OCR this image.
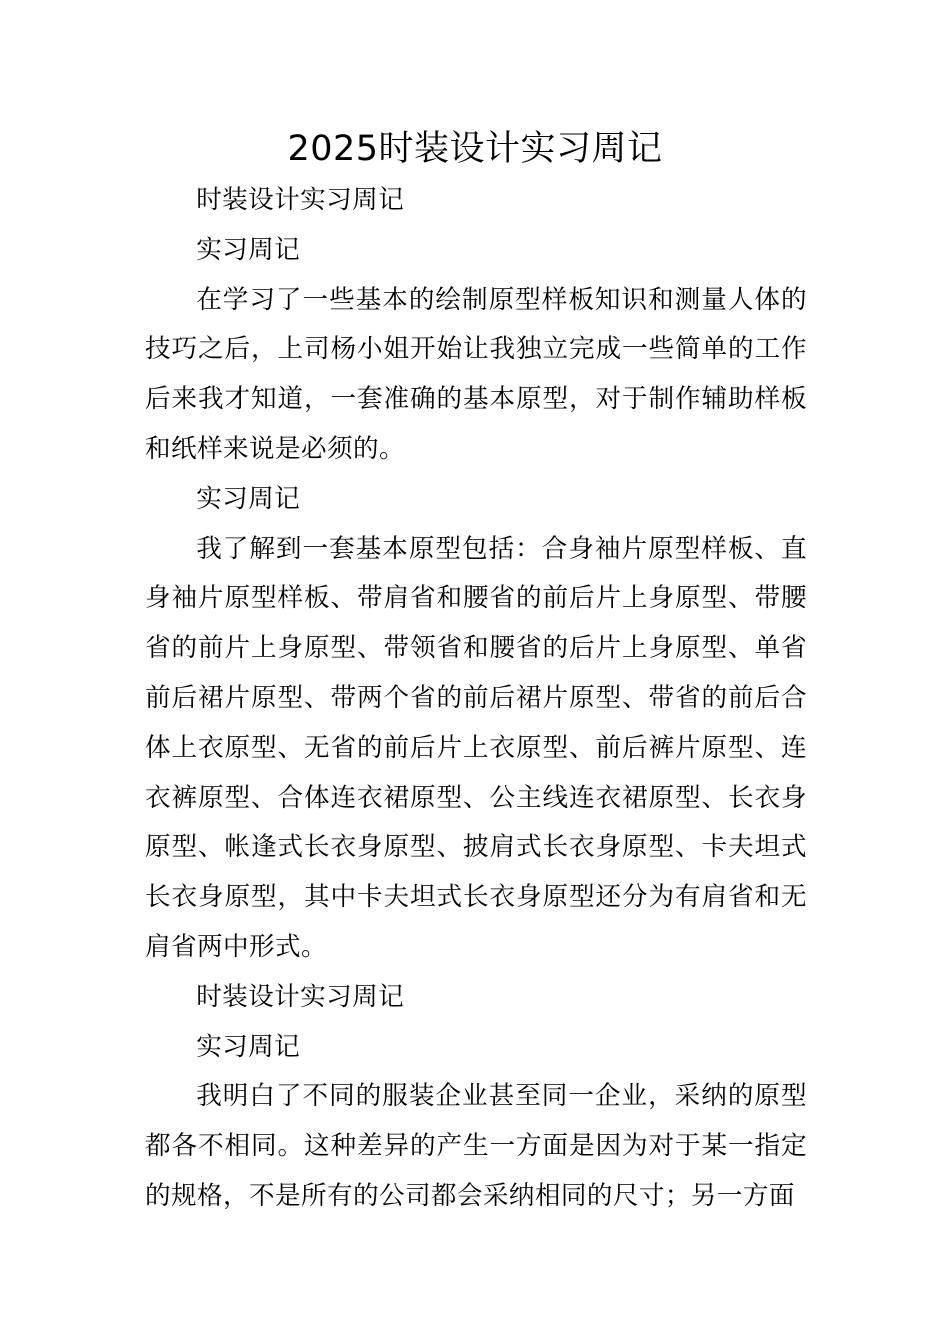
2025时装设计实习周记

时装设计实习周记

实习周记

在学习了一些基本的绘制原型样板知识和测量人体的技巧之后，上司杨小姐开始让我独立完成一些简单的工作后来我才知道，一套准确的基本原型，对于制作辅助样板和纸样来说是必须的。

实习周记

我了解到一套基本原型包括：合身袖片原型样板、直身袖片原型样板、带肩省和腰省的前后片上身原型、带腰省的前片上身原型、带领省和腰省的后片上身原型、单省前后裙片原型、带两个省的前后裙片原型、带省的前后合体上衣原型、无省的前后片上衣原型、前后裤片原型、连衣裤原型、合体连衣裙原型、公主线连衣裙原型、长衣身原型、帐逢式长衣身原型、披肩式长衣身原型、卡夫坦式长衣身原型，其中卡夫坦式长衣身原型还分为有肩省和无肩省两中形式。

时装设计实习周记

实习周记

我明白了不同的服装企业甚至同一企业，采纳的原型都各不相同。这种差异的产生一方面是因为对于某一指定的规格，不是所有的公司都会采纳相同的尺寸；另一方面
